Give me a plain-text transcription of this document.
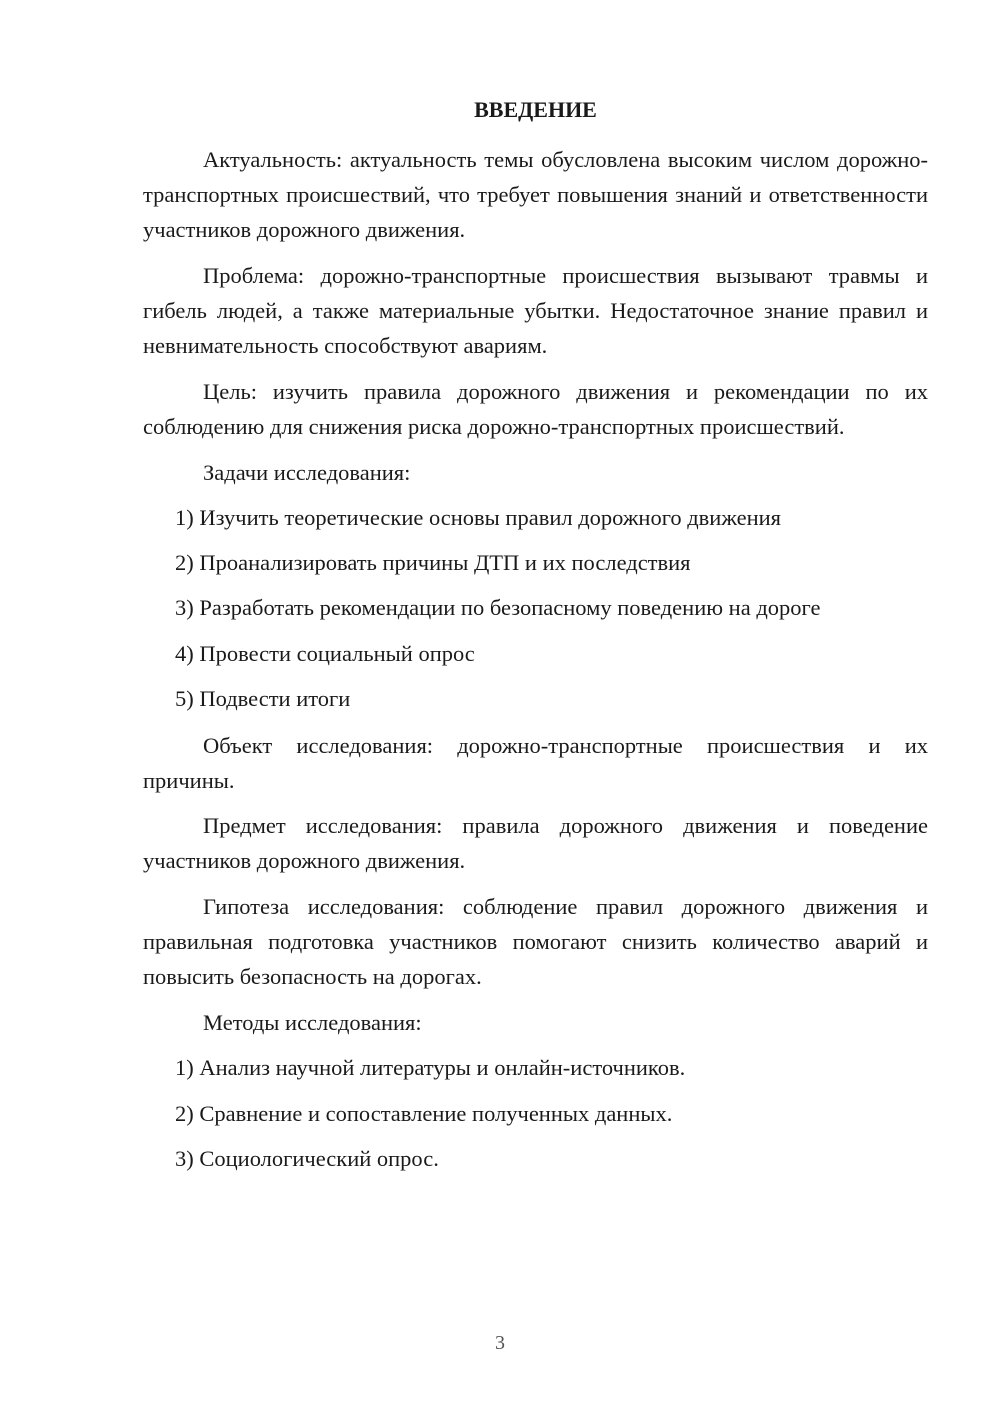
ВВЕДЕНИЕ

Актуальность: актуальность темы обусловлена высоким числом дорожно-транспортных происшествий, что требует повышения знаний и ответственности участников дорожного движения.

Проблема: дорожно-транспортные происшествия вызывают травмы и гибель людей, а также материальные убытки. Недостаточное знание правил и невнимательность способствуют авариям.

Цель: изучить правила дорожного движения и рекомендации по их соблюдению для снижения риска дорожно-транспортных происшествий.

Задачи исследования:

1) Изучить теоретические основы правил дорожного движения
2) Проанализировать причины ДТП и их последствия
3) Разработать рекомендации по безопасному поведению на дороге
4) Провести социальный опрос
5) Подвести итоги

Объект исследования: дорожно-транспортные происшествия и их причины.

Предмет исследования: правила дорожного движения и поведение участников дорожного движения.

Гипотеза исследования: соблюдение правил дорожного движения и правильная подготовка участников помогают снизить количество аварий и повысить безопасность на дорогах.

Методы исследования:

1) Анализ научной литературы и онлайн-источников.
2) Сравнение и сопоставление полученных данных.
3) Социологический опрос.
3
